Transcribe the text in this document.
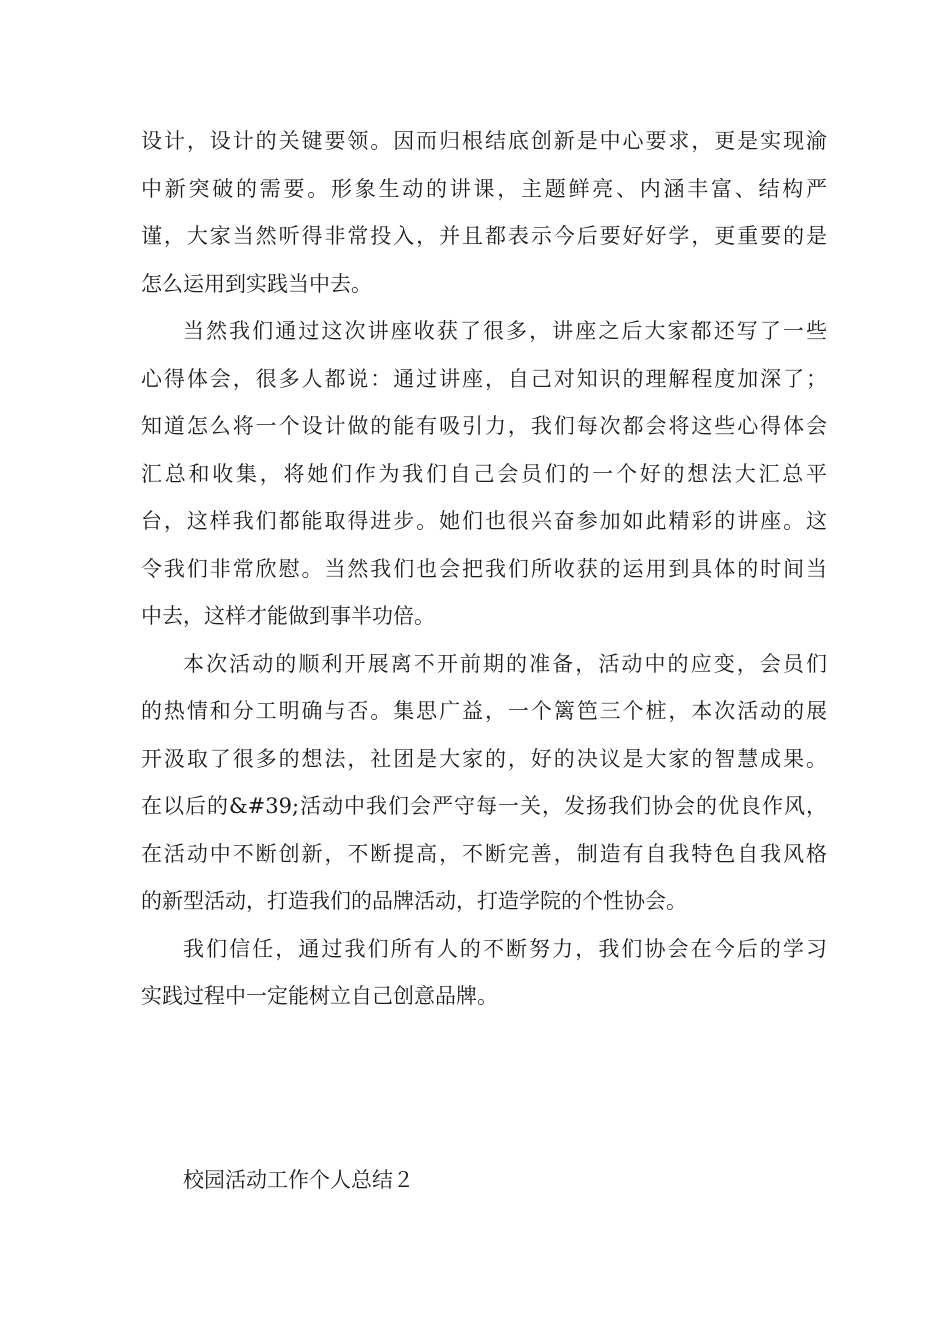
设计，设计的关键要领。因而归根结底创新是中心要求，更是实现渝
中新突破的需要。形象生动的讲课，主题鲜亮、内涵丰富、结构严
谨，大家当然听得非常投入，并且都表示今后要好好学，更重要的是
怎么运用到实践当中去。
当然我们通过这次讲座收获了很多，讲座之后大家都还写了一些
心得体会，很多人都说：通过讲座，自己对知识的理解程度加深了；
知道怎么将一个设计做的能有吸引力，我们每次都会将这些心得体会
汇总和收集，将她们作为我们自己会员们的一个好的想法大汇总平
台，这样我们都能取得进步。她们也很兴奋参加如此精彩的讲座。这
令我们非常欣慰。当然我们也会把我们所收获的运用到具体的时间当
中去，这样才能做到事半功倍。
本次活动的顺利开展离不开前期的准备，活动中的应变，会员们
的热情和分工明确与否。集思广益，一个篱笆三个桩，本次活动的展
开汲取了很多的想法，社团是大家的，好的决议是大家的智慧成果。
在以后的&#39;活动中我们会严守每一关，发扬我们协会的优良作风，
在活动中不断创新，不断提高，不断完善，制造有自我特色自我风格
的新型活动，打造我们的品牌活动，打造学院的个性协会。
我们信任，通过我们所有人的不断努力，我们协会在今后的学习
实践过程中一定能树立自己创意品牌。
校园活动工作个人总结２
